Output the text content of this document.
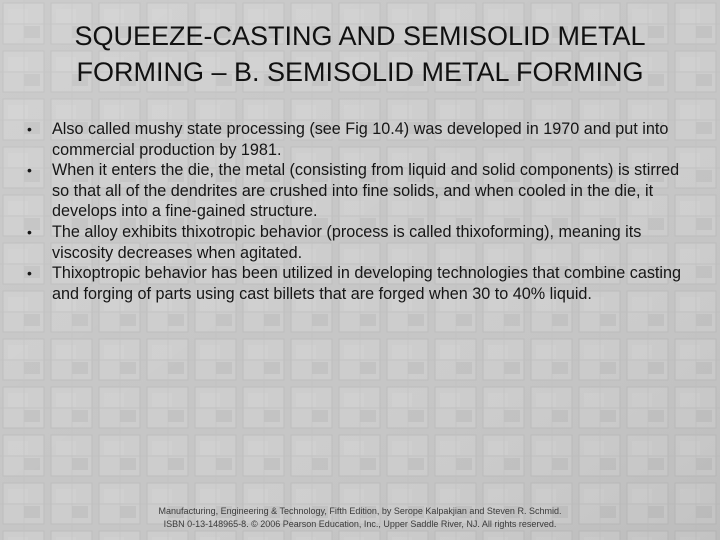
SQUEEZE-CASTING AND SEMISOLID METAL
FORMING – B. SEMISOLID METAL FORMING
• Also called mushy state processing (see Fig 10.4) was developed in 1970 and put into commercial production by 1981.
• When it enters the die, the metal (consisting from liquid and solid components) is stirred so that all of the dendrites are crushed into fine solids, and when cooled in the die, it develops into a fine-gained structure.
• The alloy exhibits thixotropic behavior (process is called thixoforming), meaning its viscosity decreases when agitated.
• Thixoptropic behavior has been utilized in developing technologies that combine casting and forging of parts using cast billets that are forged when 30 to 40% liquid.
Manufacturing, Engineering & Technology, Fifth Edition, by Serope Kalpakjian and Steven R. Schmid.
ISBN 0-13-148965-8. © 2006 Pearson Education, Inc., Upper Saddle River, NJ. All rights reserved.
